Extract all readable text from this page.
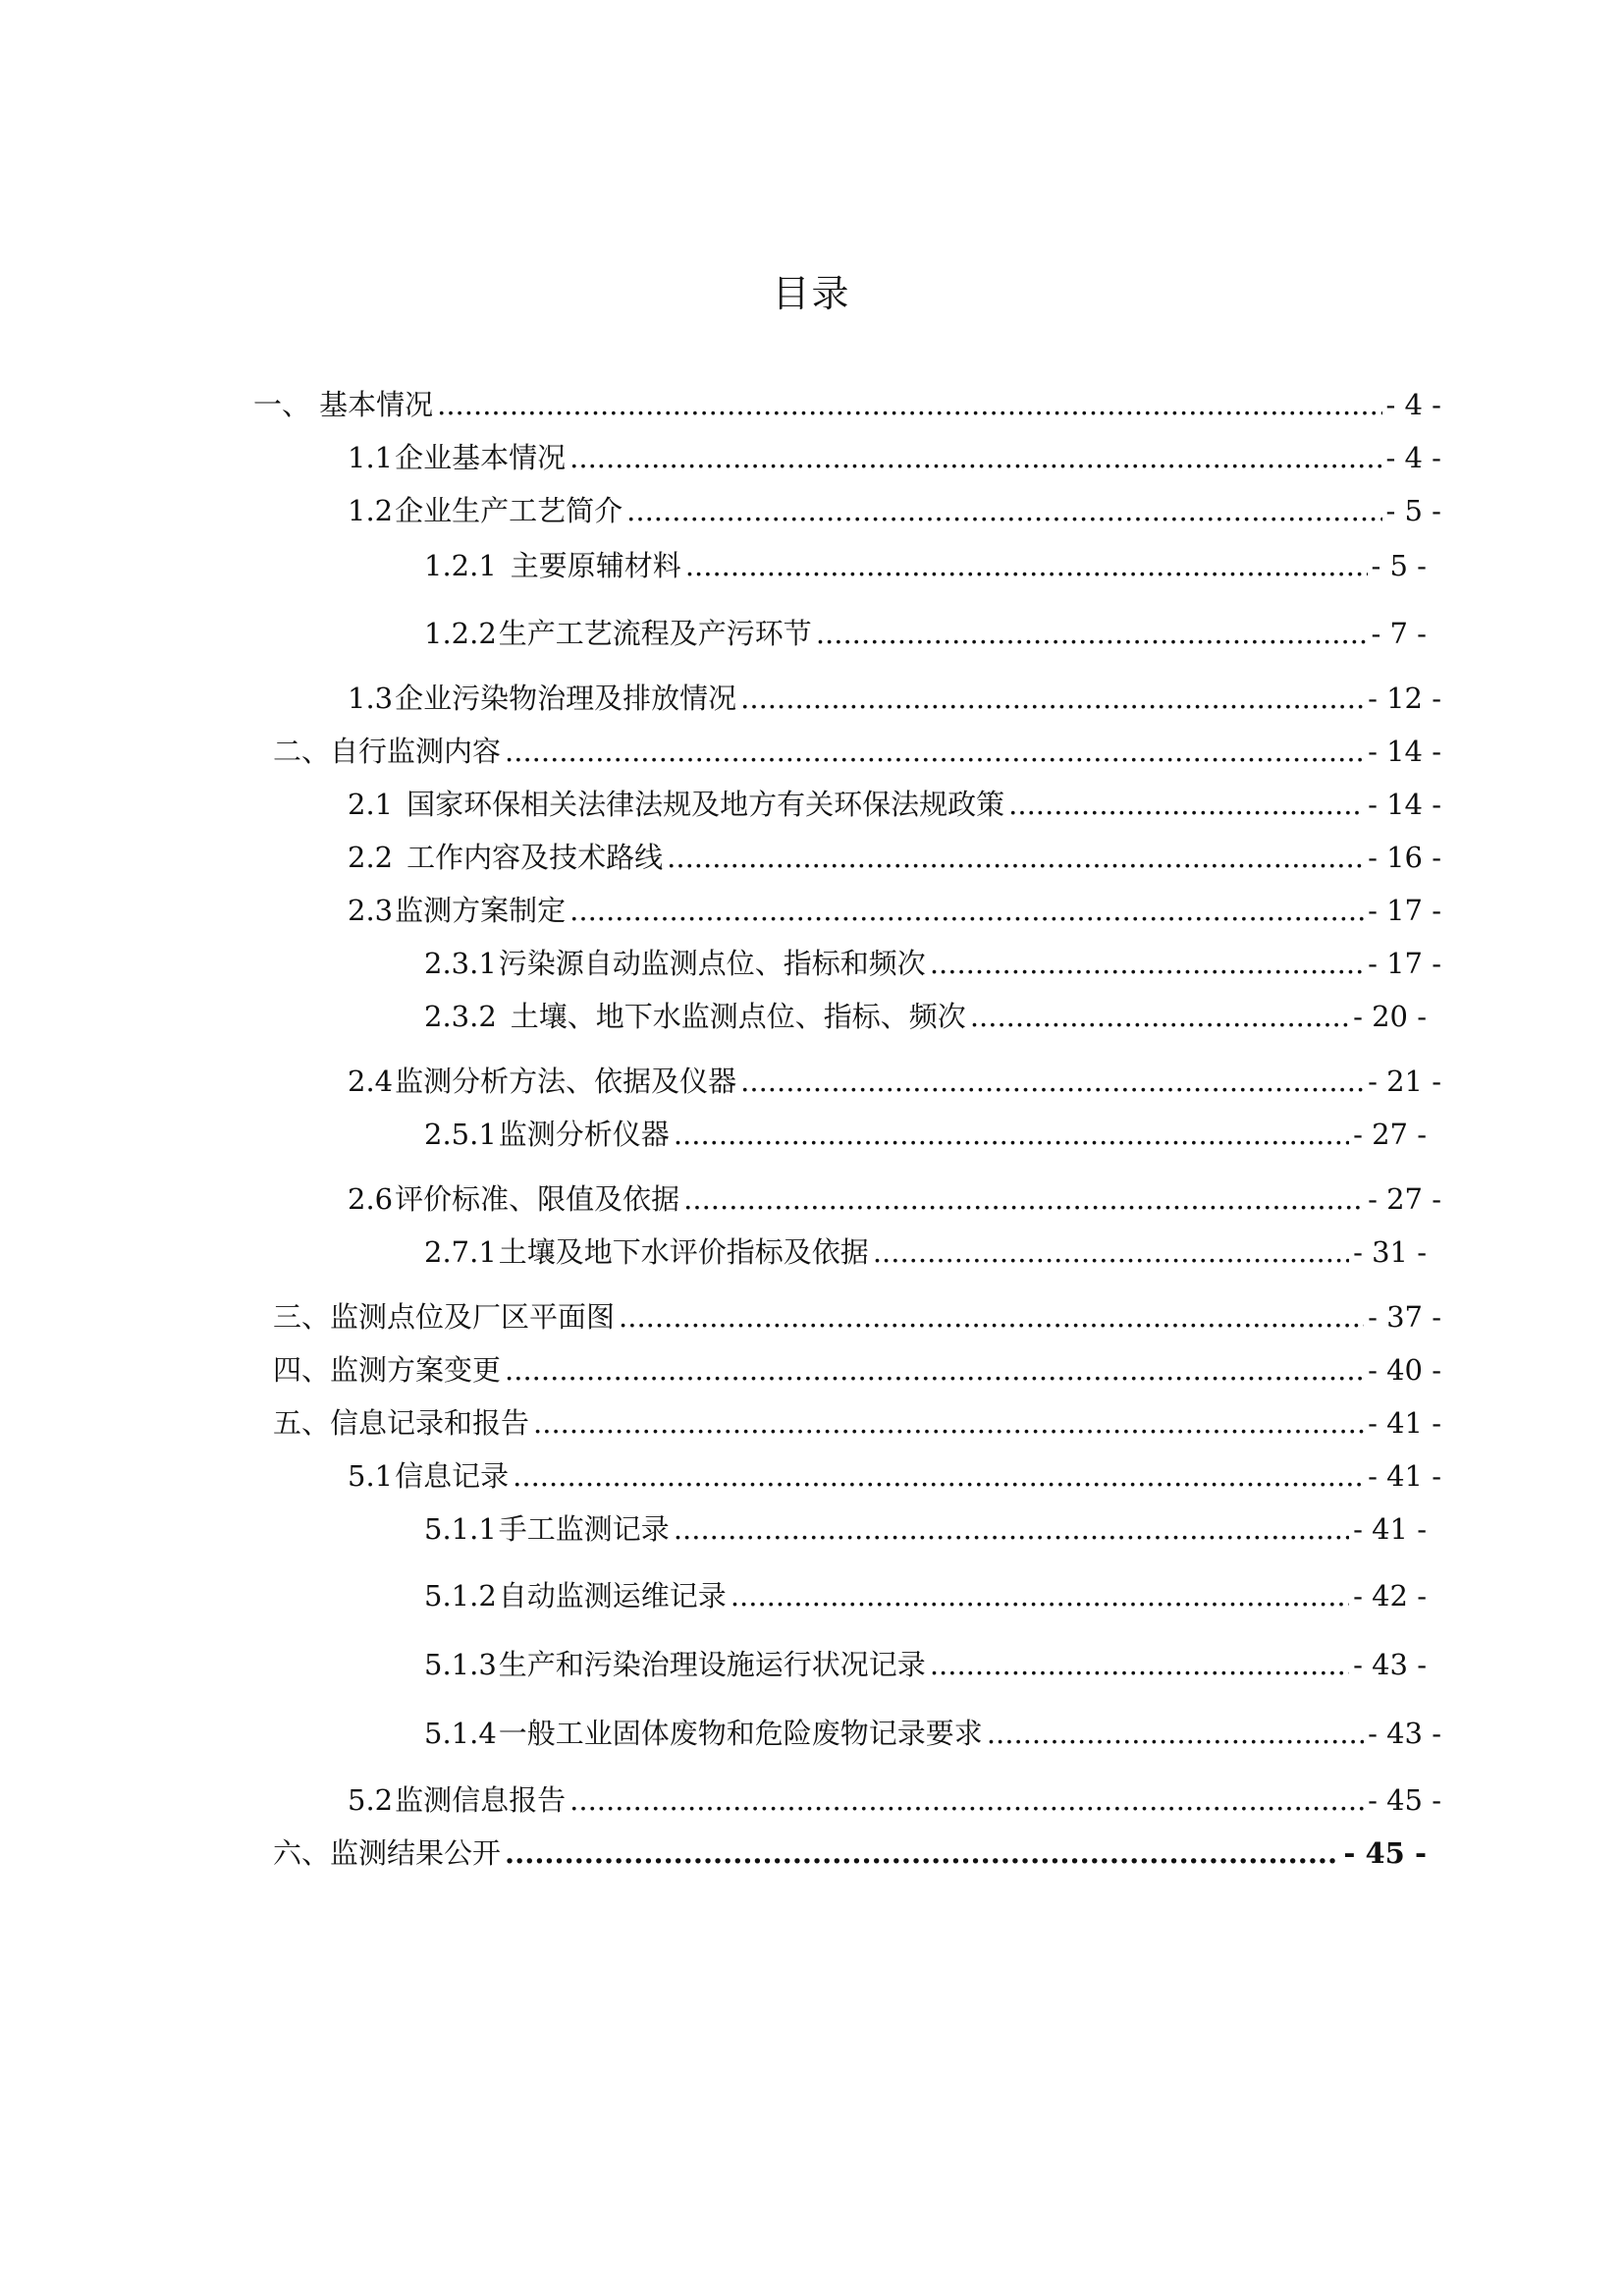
目录
一、 基本情况 .....	- 4 -
1.1 企业基本情况 .....	- 4 -
1.2 企业生产工艺简介 .....	- 5 -
1.2.1 主要原辅材料 .....	- 5 -
1.2.2 生产工艺流程及产污环节 .....	- 7 -
1.3 企业污染物治理及排放情况 .....	- 12 -
二、 自行监测内容 .....	- 14 -
2.1 国家环保相关法律法规及地方有关环保法规政策 .....	- 14 -
2.2 工作内容及技术路线 .....	- 16 -
2.3 监测方案制定 .....	- 17 -
2.3.1 污染源自动监测点位、指标和频次 .....	- 17 -
2.3.2 土壤、地下水监测点位、指标、频次 .....	- 20 -
2.4 监测分析方法、依据及仪器 .....	- 21 -
2.5.1 监测分析仪器 .....	- 27 -
2.6 评价标准、限值及依据 .....	- 27 -
2.7.1 土壤及地下水评价指标及依据 .....	- 31 -
三、 监测点位及厂区平面图 .....	- 37 -
四、 监测方案变更 .....	- 40 -
五、 信息记录和报告 .....	- 41 -
5.1 信息记录 .....	- 41 -
5.1.1 手工监测记录 .....	- 41 -
5.1.2 自动监测运维记录 .....	- 42 -
5.1.3 生产和污染治理设施运行状况记录 .....	- 43 -
5.1.4 一般工业固体废物和危险废物记录要求 .....	- 43 -
5.2 监测信息报告 .....	- 45 -
六、 监测结果公开 .....	- 45 -
